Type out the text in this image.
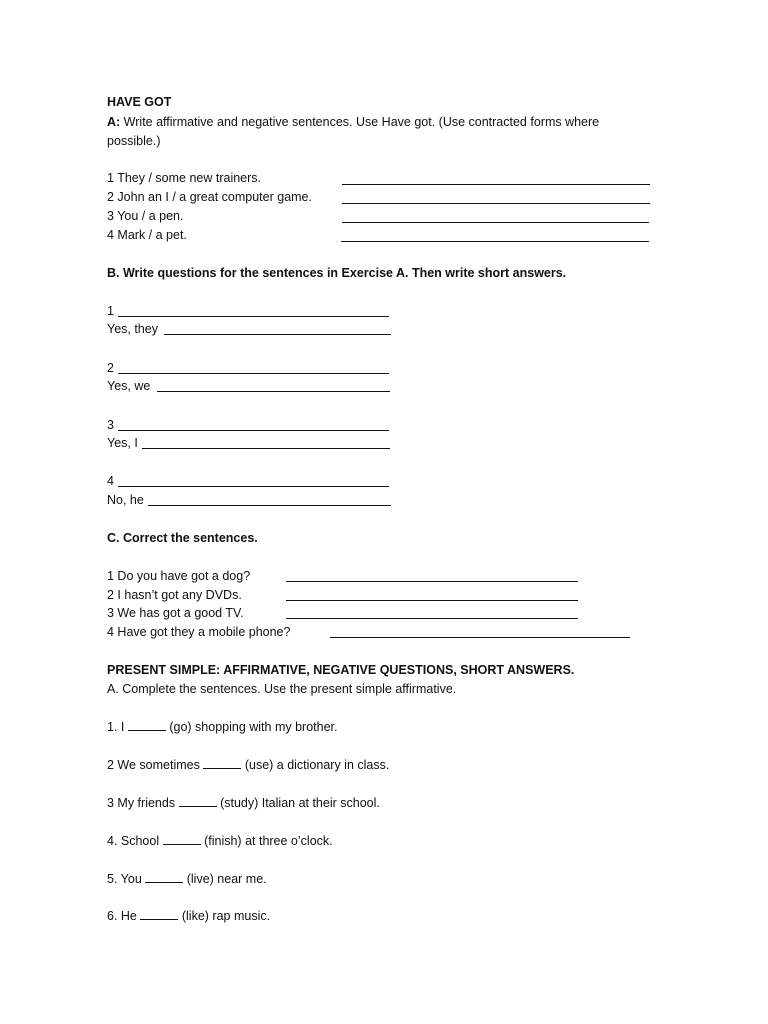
HAVE GOT
A: Write affirmative and negative sentences. Use Have got. (Use contracted forms where possible.)
1 They / some new trainers.
2 John an I / a great computer game.
3 You / a pen.
4 Mark / a pet.
B. Write questions for the sentences in Exercise A. Then write short answers.
1
Yes, they
2
Yes, we
3
Yes, I
4
No, he
C. Correct the sentences.
1 Do you have got a dog?
2 I hasn’t got any DVDs.
3 We has got a good TV.
4 Have got they a mobile phone?
PRESENT SIMPLE: AFFIRMATIVE, NEGATIVE QUESTIONS, SHORT ANSWERS.
A. Complete the sentences. Use the present simple affirmative.
1. I	(go) shopping with my brother.
2 We sometimes	(use) a dictionary in class.
3 My friends	(study) Italian at their school.
4. School	(finish) at three o’clock.
5. You	(live) near me.
6. He	(like) rap music.
